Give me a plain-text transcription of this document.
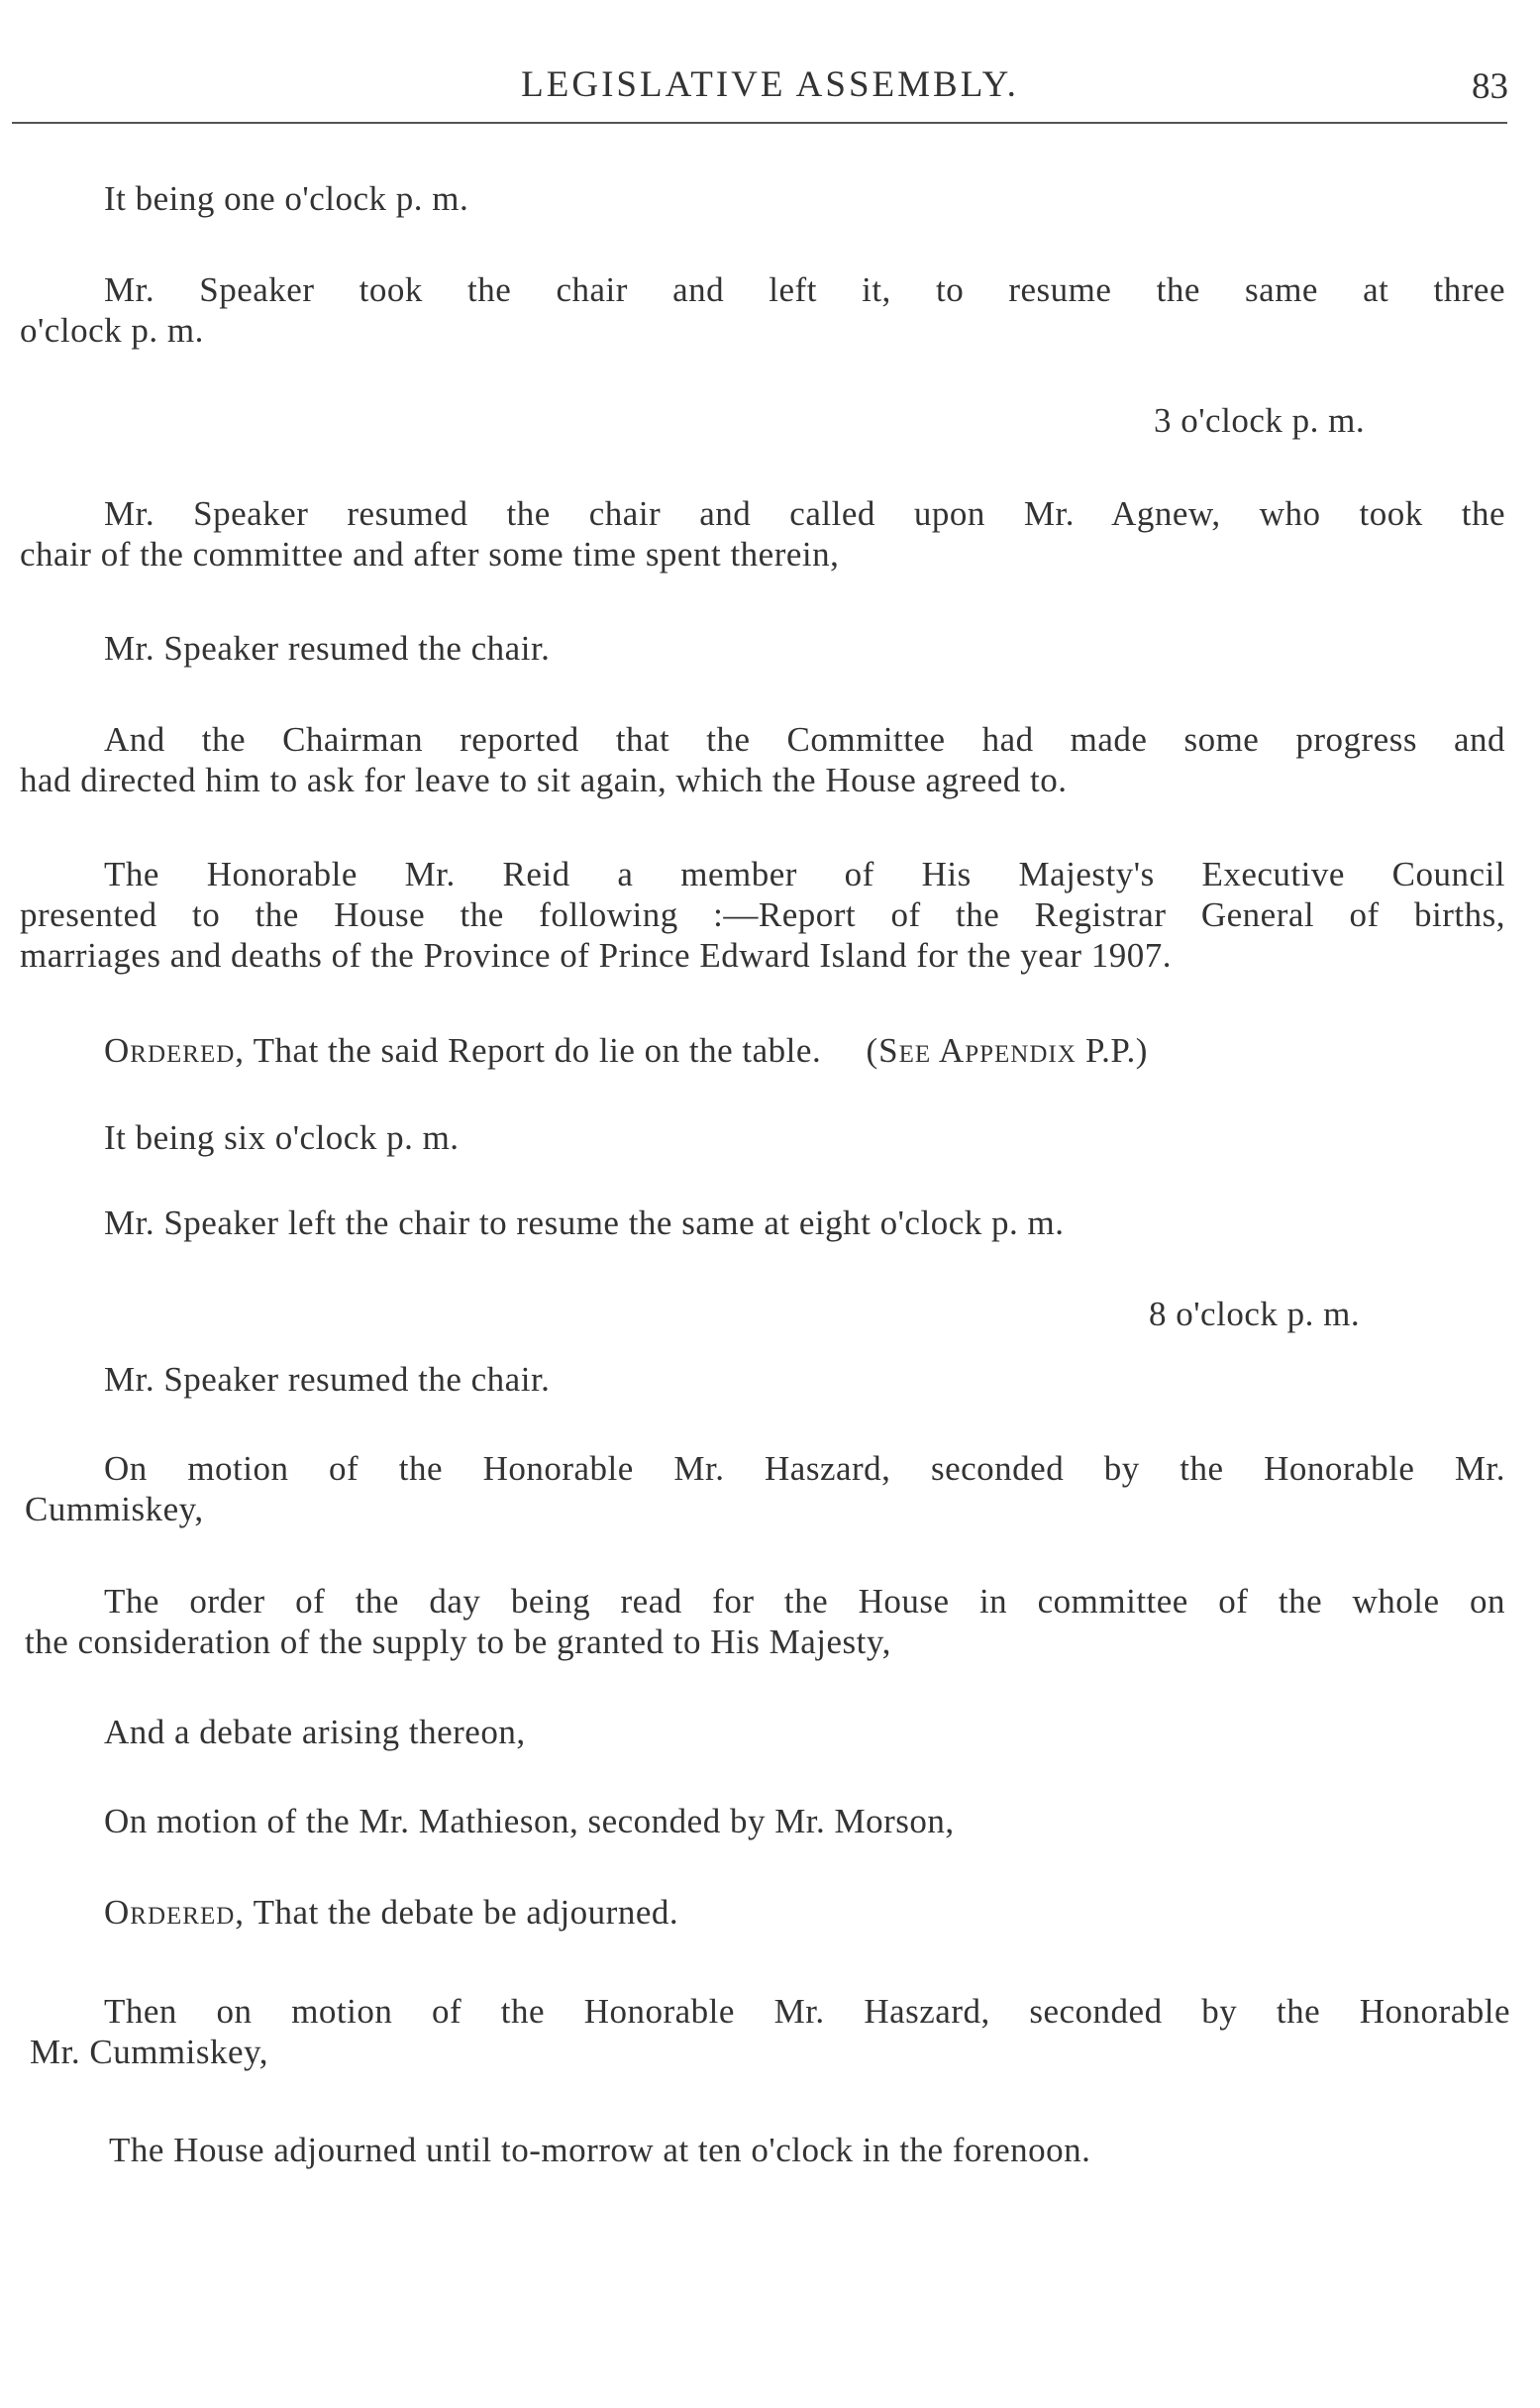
LEGISLATIVE ASSEMBLY.	83
It being one o'clock p. m.
Mr. Speaker took the chair and left it, to resume the same at three
o'clock p. m.
3 o'clock p. m.
Mr. Speaker resumed the chair and called upon Mr. Agnew, who took the
chair of the committee and after some time spent therein,
Mr. Speaker resumed the chair.
And the Chairman reported that the Committee had made some progress and
had directed him to ask for leave to sit again, which the House agreed to.
The Honorable Mr. Reid a member of His Majesty's Executive Council
presented to the House the following :—Report of the Registrar General of births,
marriages and deaths of the Province of Prince Edward Island for the year 1907.
Ordered, That the said Report do lie on the table. (See Appendix P.P.)
It being six o'clock p. m.
Mr. Speaker left the chair to resume the same at eight o'clock p. m.
8 o'clock p. m.
Mr. Speaker resumed the chair.
On motion of the Honorable Mr. Haszard, seconded by the Honorable Mr.
Cummiskey,
The order of the day being read for the House in committee of the whole on
the consideration of the supply to be granted to His Majesty,
And a debate arising thereon,
On motion of the Mr. Mathieson, seconded by Mr. Morson,
Ordered, That the debate be adjourned.
Then on motion of the Honorable Mr. Haszard, seconded by the Honorable
Mr. Cummiskey,
The House adjourned until to-morrow at ten o'clock in the forenoon.
